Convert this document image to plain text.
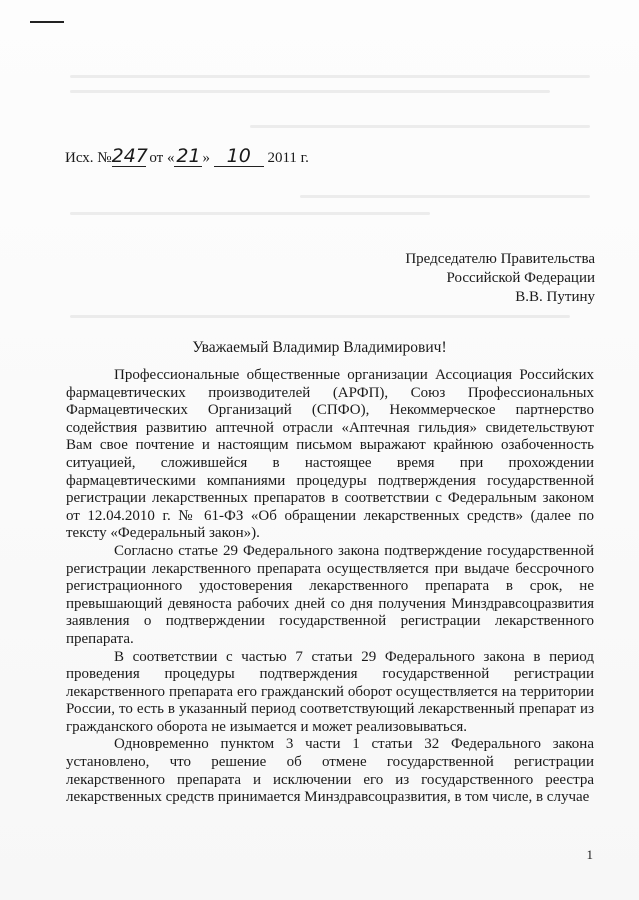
Исх. №247 от « 21 » 10 2011 г.
Председателю Правительства
Российской Федерации
В.В. Путину
Уважаемый Владимир Владимирович!

Профессиональные общественные организации Ассоциация Российских фармацевтических производителей (АРФП), Союз Профессиональных Фармацевтических Организаций (СПФО), Некоммерческое партнерство содействия развитию аптечной отрасли «Аптечная гильдия» свидетельствуют Вам свое почтение и настоящим письмом выражают крайнюю озабоченность ситуацией, сложившейся в настоящее время при прохождении фармацевтическими компаниями процедуры подтверждения государственной регистрации лекарственных препаратов в соответствии с Федеральным законом от 12.04.2010 г. № 61-ФЗ «Об обращении лекарственных средств» (далее по тексту «Федеральный закон»).

Согласно статье 29 Федерального закона подтверждение государственной регистрации лекарственного препарата осуществляется при выдаче бессрочного регистрационного удостоверения лекарственного препарата в срок, не превышающий девяноста рабочих дней со дня получения Минздравсоцразвития заявления о подтверждении государственной регистрации лекарственного препарата.

В соответствии с частью 7 статьи 29 Федерального закона в период проведения процедуры подтверждения государственной регистрации лекарственного препарата его гражданский оборот осуществляется на территории России, то есть в указанный период соответствующий лекарственный препарат из гражданского оборота не изымается и может реализовываться.

Одновременно пунктом 3 части 1 статьи 32 Федерального закона установлено, что решение об отмене государственной регистрации лекарственного препарата и исключении его из государственного реестра лекарственных средств принимается Минздравсоцразвития, в том числе, в случае

1
